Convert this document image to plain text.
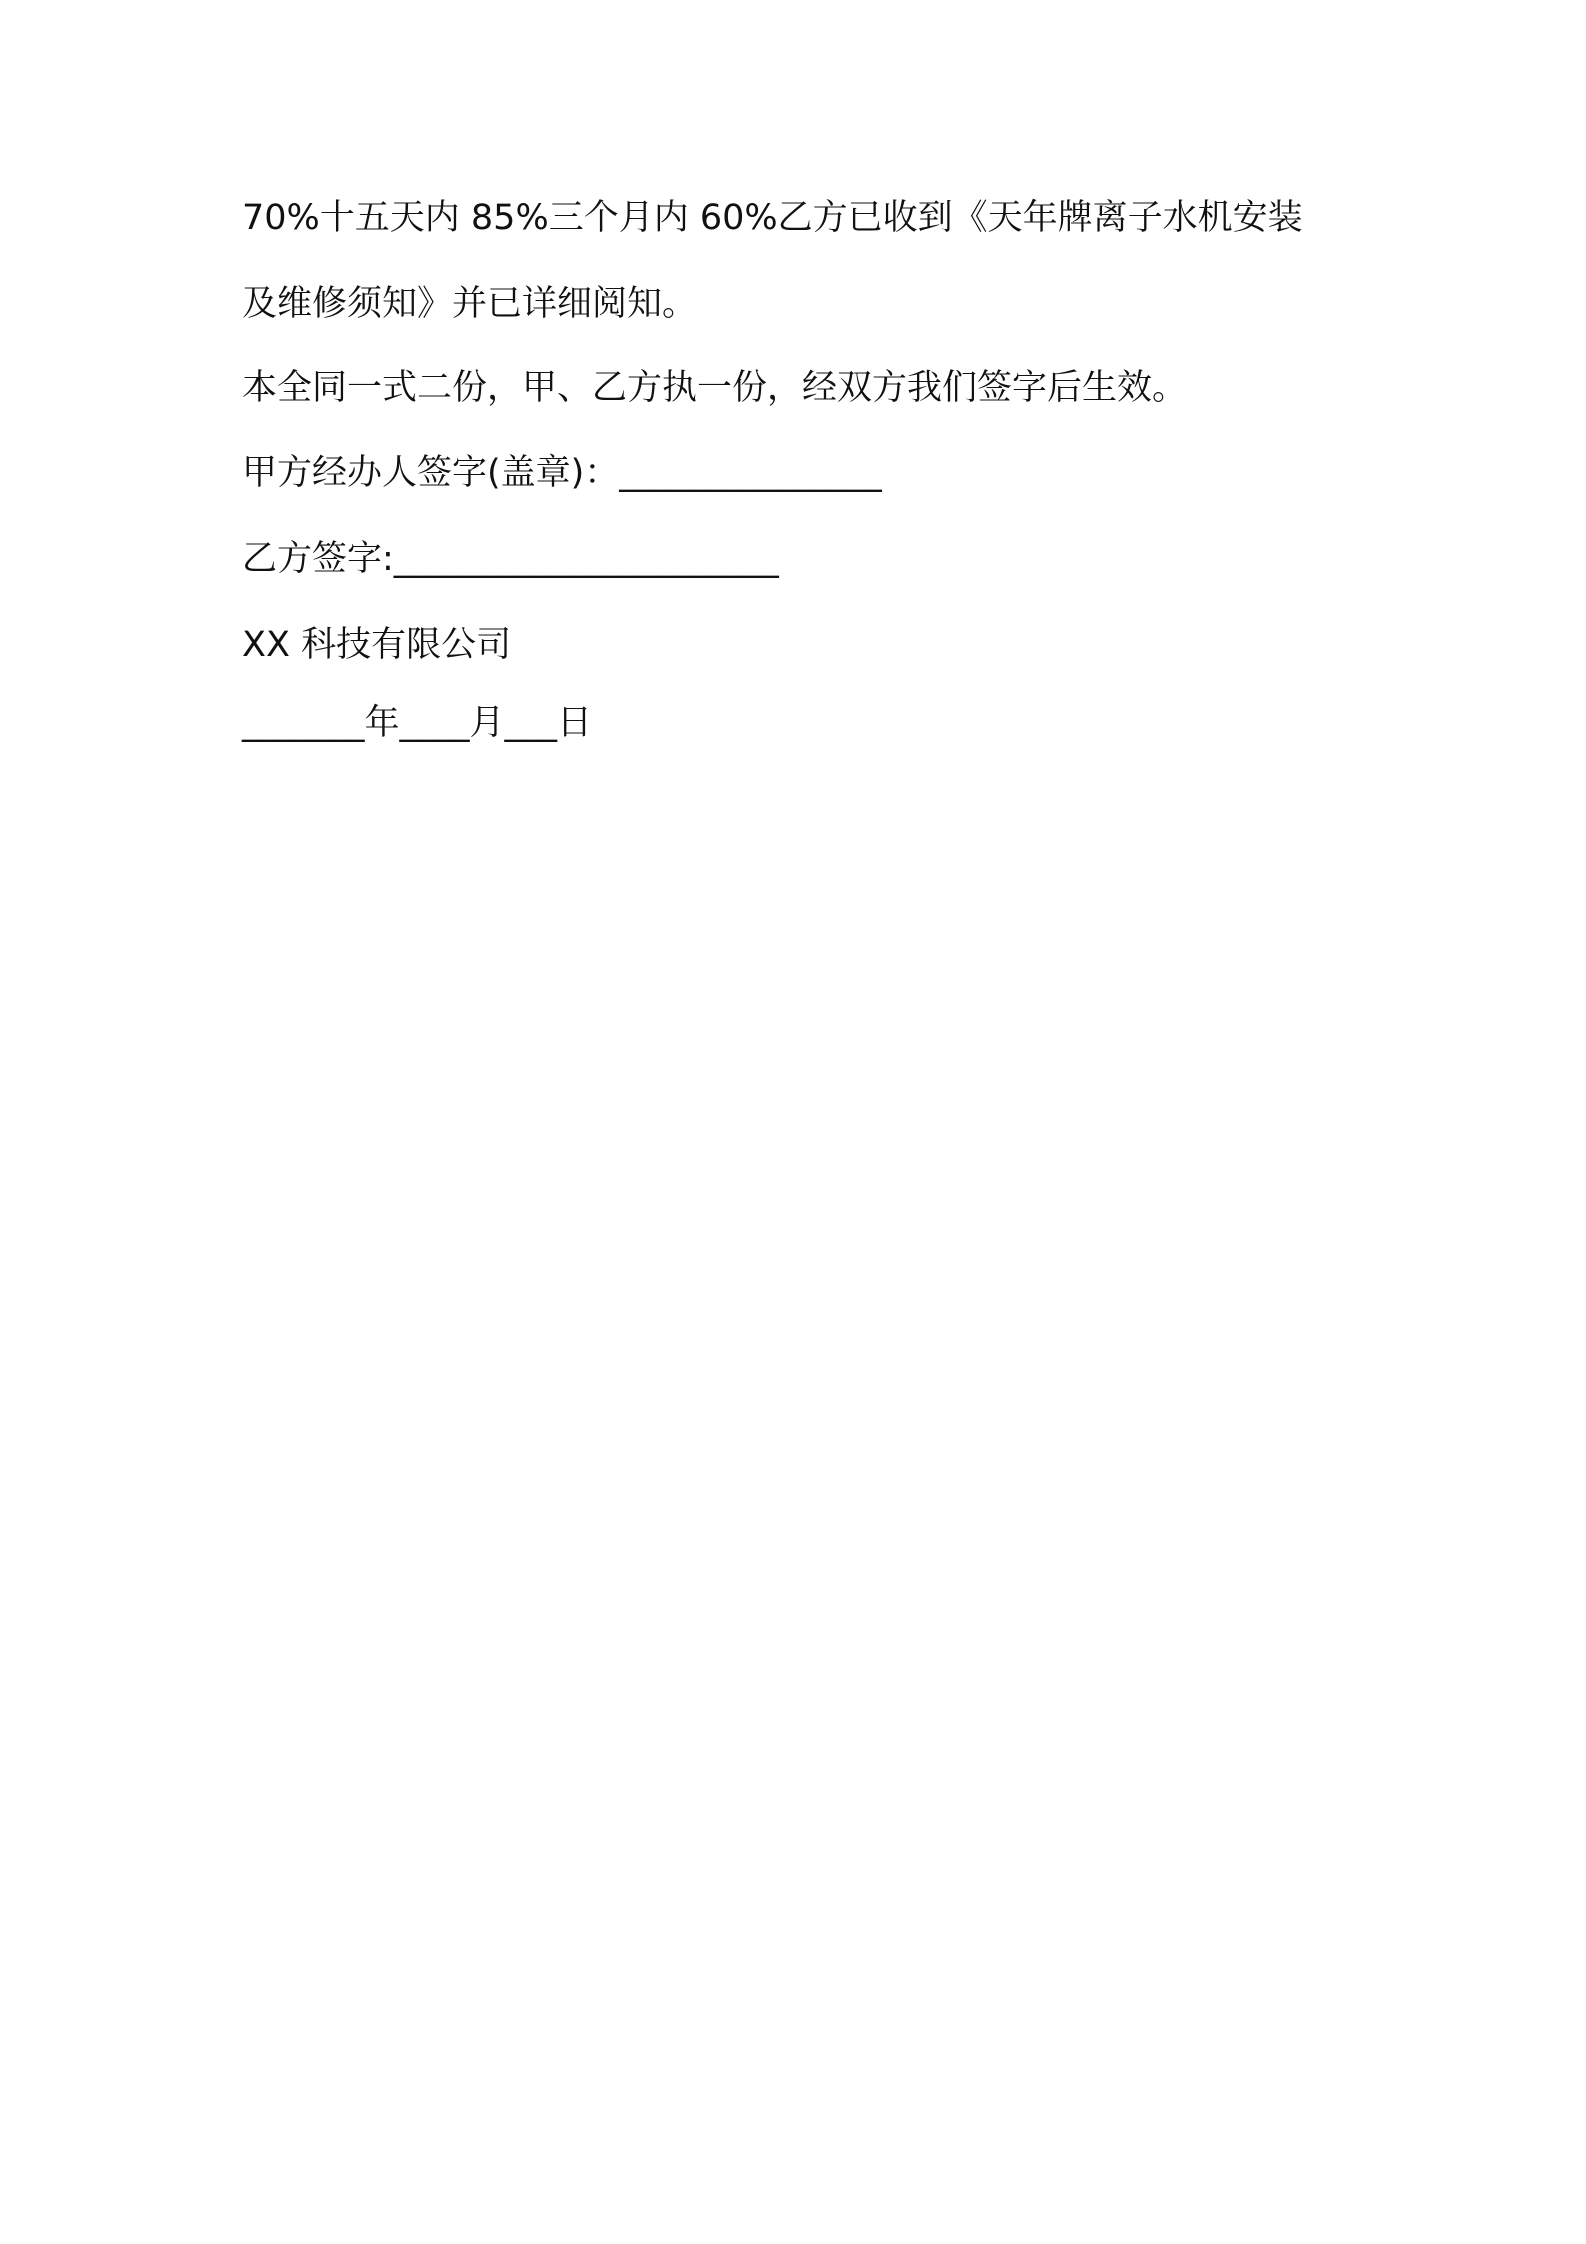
70%十五天内 85%三个月内 60%乙方已收到《天年牌离子水机安装

及维修须知》并已详细阅知。

本全同一式二份，甲、乙方执一份，经双方我们签字后生效。

甲方经办人签字(盖章)：_______________

乙方签字:______________________

XX 科技有限公司

_______年____月___日
